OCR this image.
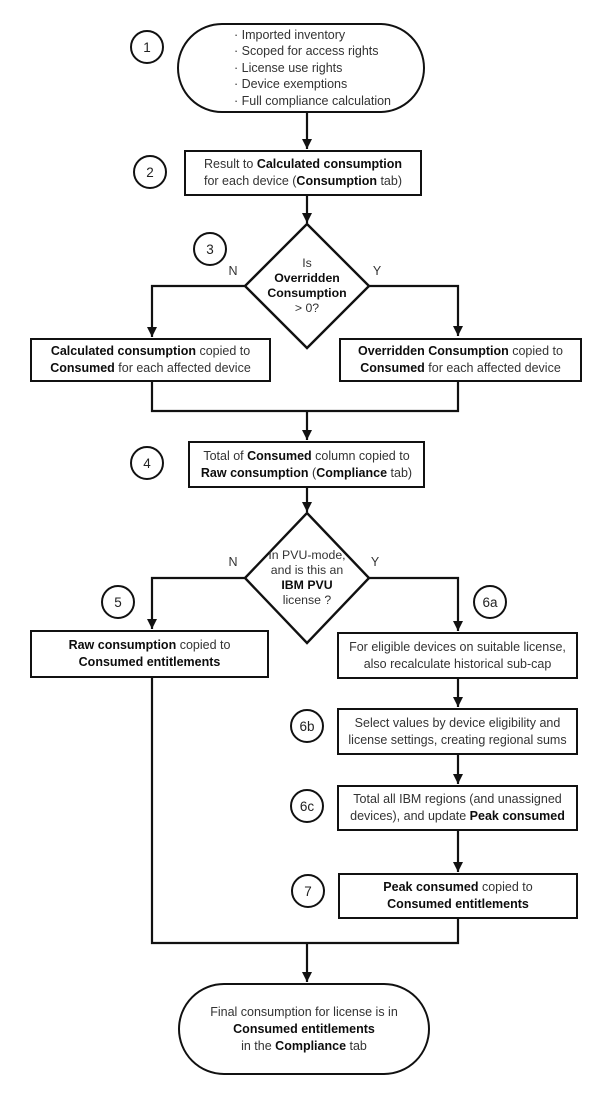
· Imported inventory
· Scoped for access rights
· License use rights
· Device exemptions
· Full compliance calculation
Result to Calculated consumption
for each device (Consumption tab)
Calculated consumption copied to
Consumed for each affected device
Overridden Consumption copied to
Consumed for each affected device
Total of Consumed column copied to
Raw consumption (Compliance tab)
Raw consumption copied to
Consumed entitlements
For eligible devices on suitable license,
also recalculate historical sub-cap
Select values by device eligibility and
license settings, creating regional sums
Total all IBM regions (and unassigned
devices), and update Peak consumed
Peak consumed copied to
Consumed entitlements
Final consumption for license is in
Consumed entitlements
in the Compliance tab
Is
Overridden
Consumption
> 0?
In PVU-mode,
and is this an
IBM PVU
license ?
N	Y
N	Y
1
2
3
4
5	6a
6b
6c
7
